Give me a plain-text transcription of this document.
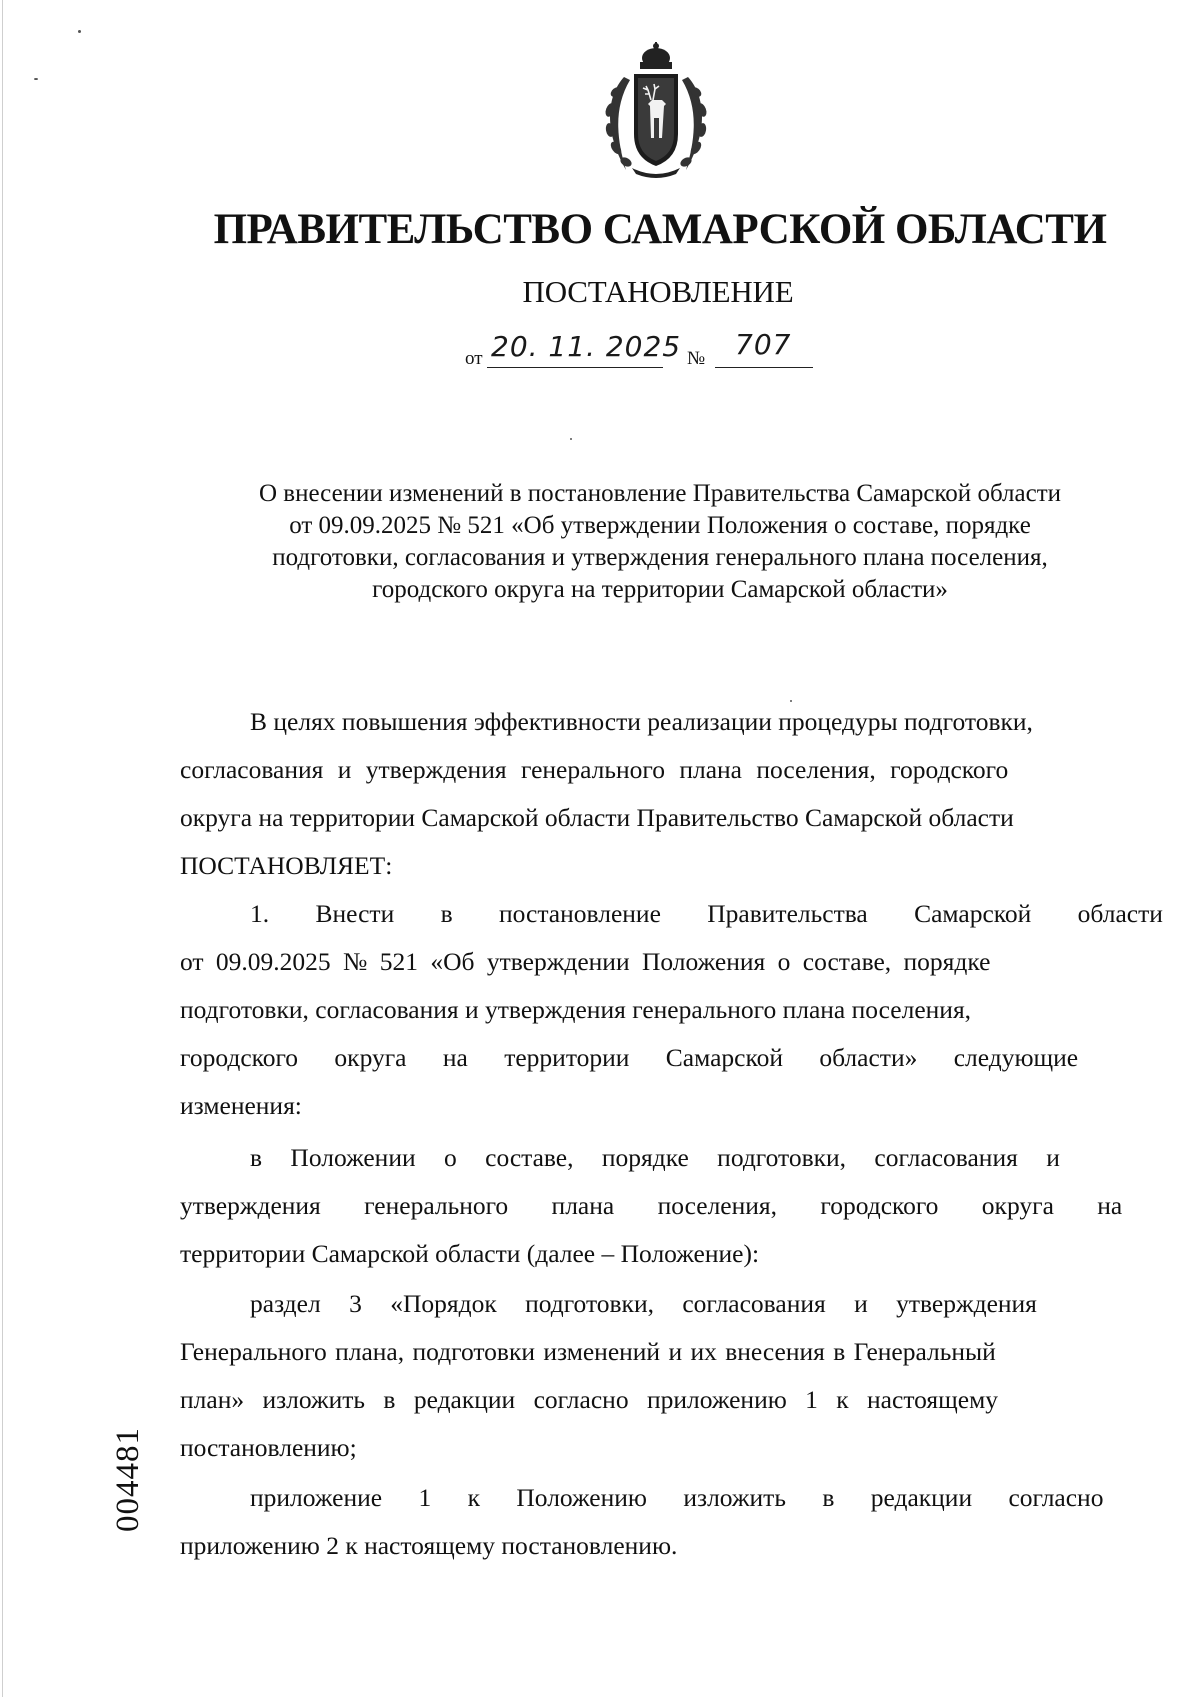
ПРАВИТЕЛЬСТВО САМАРСКОЙ ОБЛАСТИ
ПОСТАНОВЛЕНИЕ
от 20. 11. 2025 № 707
О внесении изменений в постановление Правительства Самарской области
от 09.09.2025 № 521 «Об утверждении Положения о составе, порядке
подготовки, согласования и утверждения генерального плана поселения,
городского округа на территории Самарской области»
В целях повышения эффективности реализации процедуры подготовки,
согласования и утверждения генерального плана поселения, городского
округа на территории Самарской области Правительство Самарской области
ПОСТАНОВЛЯЕТ:
1. Внести в постановление Правительства Самарской области
от 09.09.2025 № 521 «Об утверждении Положения о составе, порядке
подготовки, согласования и утверждения генерального плана поселения,
городского округа на территории Самарской области» следующие
изменения:
в Положении о составе, порядке подготовки, согласования и
утверждения генерального плана поселения, городского округа на
территории Самарской области (далее – Положение):
раздел 3 «Порядок подготовки, согласования и утверждения
Генерального плана, подготовки изменений и их внесения в Генеральный
план» изложить в редакции согласно приложению 1 к настоящему
постановлению;
приложение 1 к Положению изложить в редакции согласно
приложению 2 к настоящему постановлению.
004481
